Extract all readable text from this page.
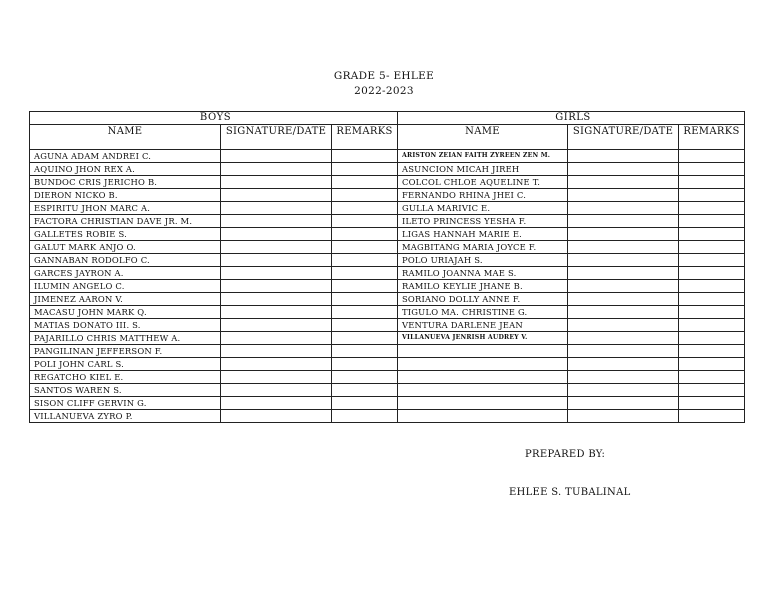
GRADE 5- EHLEE
2022-2023
BOYS			GIRLS		
NAME	SIGNATURE/DATE	REMARKS	NAME	SIGNATURE/DATE	REMARKS
AGUNA ADAM ANDREI C.			ARISTON ZEIAN FAITH ZYREEN ZEN M.		
AQUINO JHON REX A.			ASUNCION MICAH JIREH		
BUNDOC CRIS JERICHO B.			COLCOL CHLOE AQUELINE T.		
DIERON NICKO B.			FERNANDO RHINA JHEI C.		
ESPIRITU JHON MARC A.			GULLA MARIVIC E.		
FACTORA CHRISTIAN DAVE JR. M.			ILETO PRINCESS YESHA F.		
GALLETES ROBIE S.			LIGAS HANNAH MARIE E.		
GALUT MARK ANJO O.			MAGBITANG MARIA JOYCE F.		
GANNABAN RODOLFO C.			POLO URIAJAH S.		
GARCES JAYRON A.			RAMILO JOANNA MAE S.		
ILUMIN ANGELO C.			RAMILO KEYLIE JHANE B.		
JIMENEZ AARON V.			SORIANO DOLLY ANNE F.		
MACASU JOHN MARK Q.			TIGULO MA. CHRISTINE G.		
MATIAS DONATO III. S.			VENTURA DARLENE JEAN		
PAJARILLO CHRIS MATTHEW A.			VILLANUEVA JENRISH AUDREY V.		
PANGILINAN JEFFERSON F.					
POLI JOHN CARL S.					
REGATCHO KIEL E.					
SANTOS WAREN S.					
SISON CLIFF GERVIN G.					
VILLANUEVA ZYRO P.					
PREPARED BY:
EHLEE S. TUBALINAL
